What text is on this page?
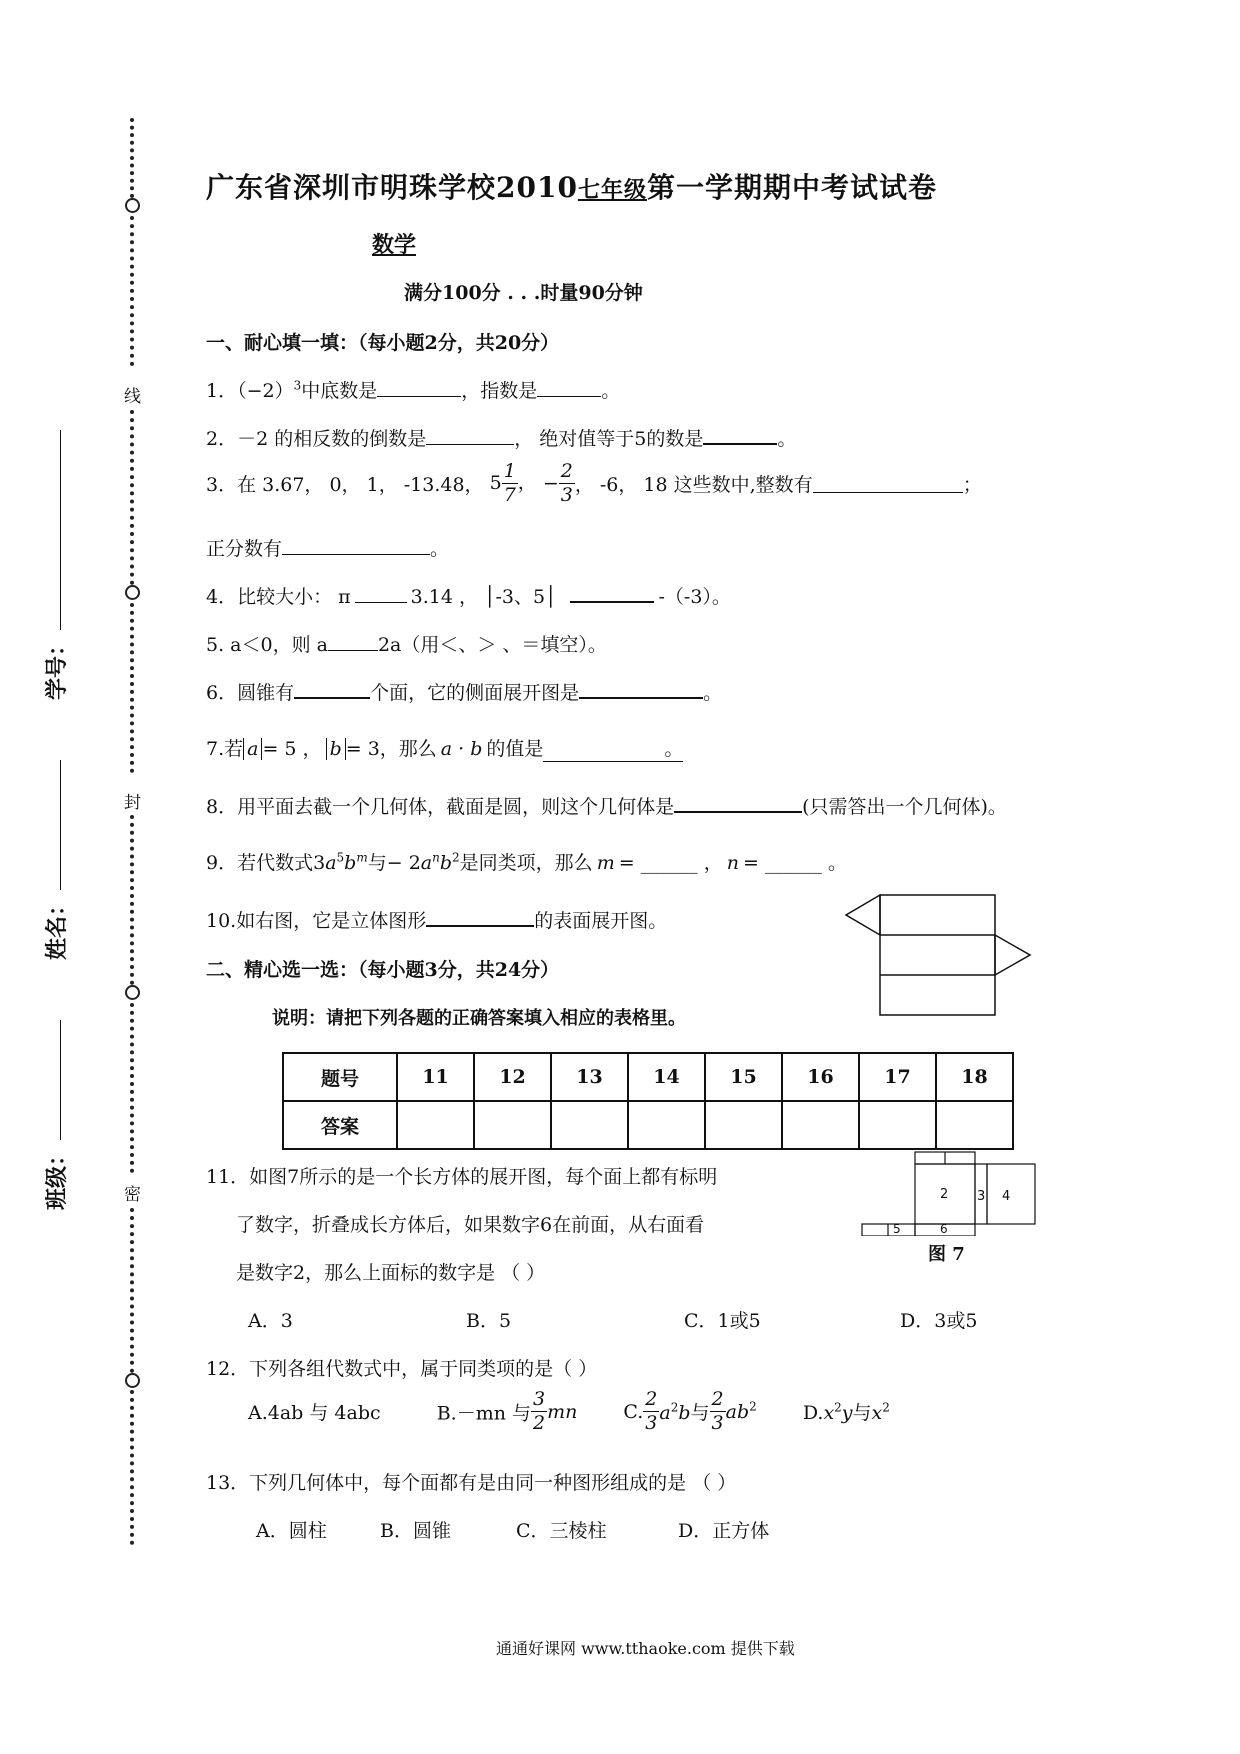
线
封
密
学号：
姓名：
班级：
广东省深圳市明珠学校2010七年级第一学期期中考试试卷
数学
满分100分 . . .时量90分钟
一、耐心填一填：（每小题2分，共20分）
1．$(-2)^3$中底数是	，指数是	。
2．－2 的相反数的倒数是	， 绝对值等于5的数是	。
3．在 3.67， 0， 1， -13.48， $5 \frac{1}{7}$ ， − $\frac{2}{3}$ ， -6， 18 这些数中,整数有	；
正分数有	。
4．比较大小： π	3.14 ， │-3、5│	-（-3）。
5. a＜0，则 a	2a（用＜、＞ 、＝填空）。
6．圆锥有	个面，它的侧面展开图是	。
7.若 a = 5 ， b = 3，那么 a · b 的值是	。
8．用平面去截一个几何体，截面是圆，则这个几何体是	(只需答出一个几何体)。
9．若代数式$3a^5b^m$与− $2a^nb^2$是同类项，那么 m = ______ ， n = ______ 。
10.如右图，它是立体图形	的表面展开图。
二、精心选一选：（每小题3分，共24分）
说明：请把下列各题的正确答案填入相应的表格里。
题号	11	12	13	14	15	16	17	18
答案								
11．如图7所示的是一个长方体的展开图，每个面上都有标明
了数字，折叠成长方体后，如果数字6在前面，从右面看
是数字2，那么上面标的数字是 （ ）
A．3	B．5	C．1或5	D．3或5
2 3 4
5	6
图 7
12．下列各组代数式中，属于同类项的是（ ）
A.4ab 与 4abc	B.－mn 与 $\frac{3}{2}$ mn C. $\frac{2}{3} a^2b$与 $\frac{2}{3} ab^2$ $D.x^2y$与$x^2$
13．下列几何体中，每个面都有是由同一种图形组成的是 （ ）
A．圆柱	B．圆锥	C．三棱柱	D．正方体
通通好课网 www.tthaoke.com 提供下载
